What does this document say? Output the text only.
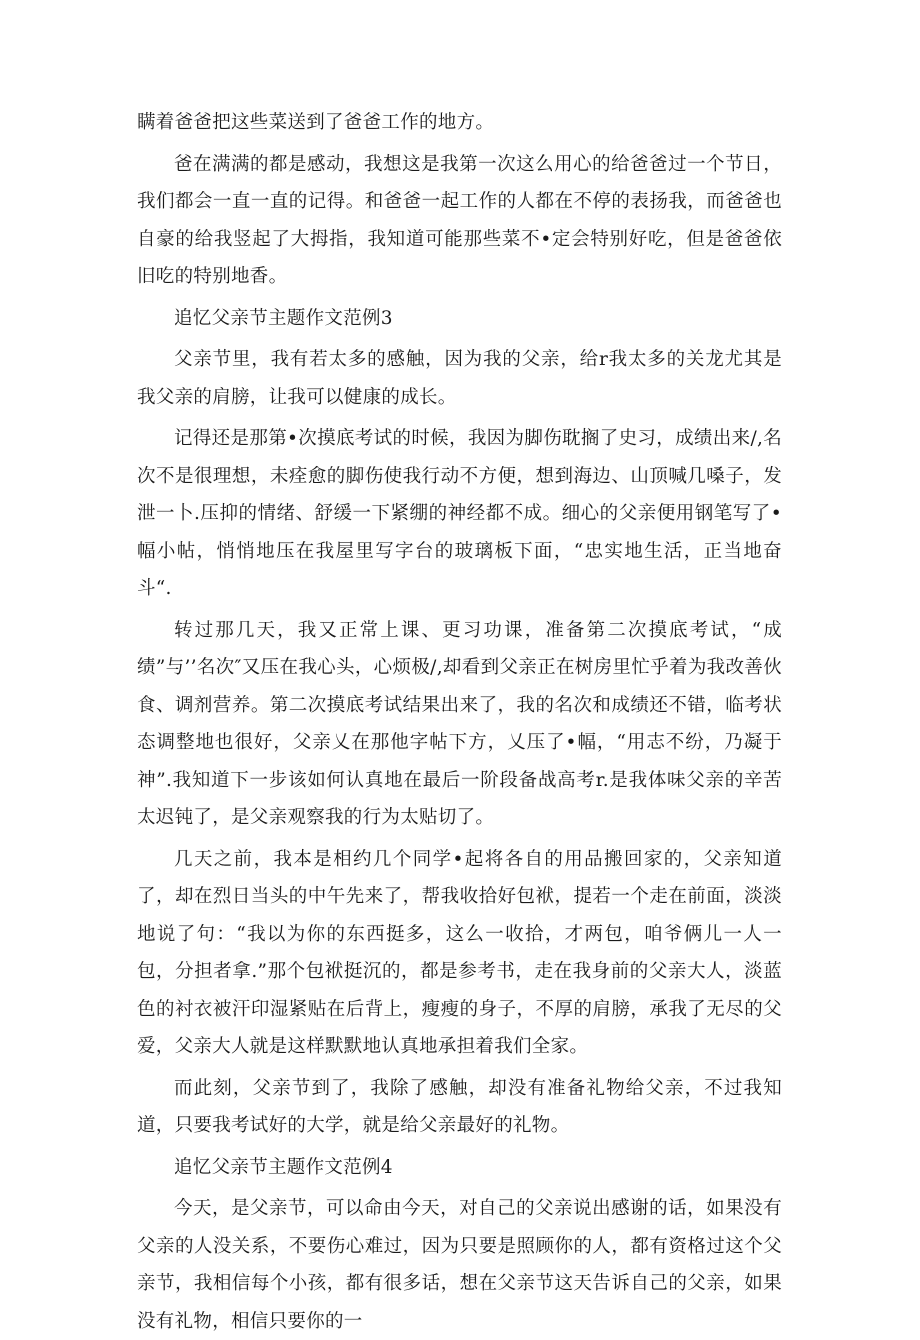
瞒着爸爸把这些菜送到了爸爸工作的地方。

爸在满满的都是感动，我想这是我第一次这么用心的给爸爸过一个节日，我们都会一直一直的记得。和爸爸一起工作的人都在不停的表扬我，而爸爸也自豪的给我竖起了大拇指，我知道可能那些菜不•定会特别好吃，但是爸爸依旧吃的特别地香。

追忆父亲节主题作文范例3

父亲节里，我有若太多的感触，因为我的父亲，给r我太多的关龙尤其是我父亲的肩膀，让我可以健康的成长。

记得还是那第•次摸底考试的时候，我因为脚伤耽搁了史习，成绩出来/,名次不是很理想，未痊愈的脚伤使我行动不方便，想到海边、山顶喊几嗓子，发泄一卜.压抑的情绪、舒缓一下紧绷的神经都不成。细心的父亲便用钢笔写了•幅小帖，悄悄地压在我屋里写字台的玻璃板下面，“忠实地生活，正当地奋斗“.

转过那几天，我又正常上课、更习功课，准备第二次摸底考试，“成绩”与’’名次″又压在我心头，心烦极/,却看到父亲正在树房里忙乎着为我改善伙食、调剂营养。第二次摸底考试结果出来了，我的名次和成绩还不错，临考状态调整地也很好，父亲乂在那他字帖下方，乂压了•幅，“用志不纷，乃凝于神”.我知道下一步该如何认真地在最后一阶段备战高考r.是我体味父亲的辛苦太迟钝了，是父亲观察我的行为太贴切了。

几天之前，我本是相约几个同学•起将各自的用品搬回家的，父亲知道了，却在烈日当头的中午先来了，帮我收拾好包袱，提若一个走在前面，淡淡地说了句：“我以为你的东西挺多，这么一收拾，才两包，咱爷俩儿一人一包，分担者拿.”那个包袱挺沉的，都是参考书，走在我身前的父亲大人，淡蓝色的衬衣被汗印湿紧贴在后背上，瘦瘦的身子，不厚的肩膀，承我了无尽的父爱，父亲大人就是这样默默地认真地承担着我们全家。

而此刻，父亲节到了，我除了感触，却没有准备礼物给父亲，不过我知道，只要我考试好的大学，就是给父亲最好的礼物。

追忆父亲节主题作文范例4

今天，是父亲节，可以命由今天，对自己的父亲说出感谢的话，如果没有父亲的人没关系，不要伤心难过，因为只要是照顾你的人，都有资格过这个父亲节，我相信每个小孩，都有很多话，想在父亲节这天告诉自己的父亲，如果没有礼物，相信只要你的一
